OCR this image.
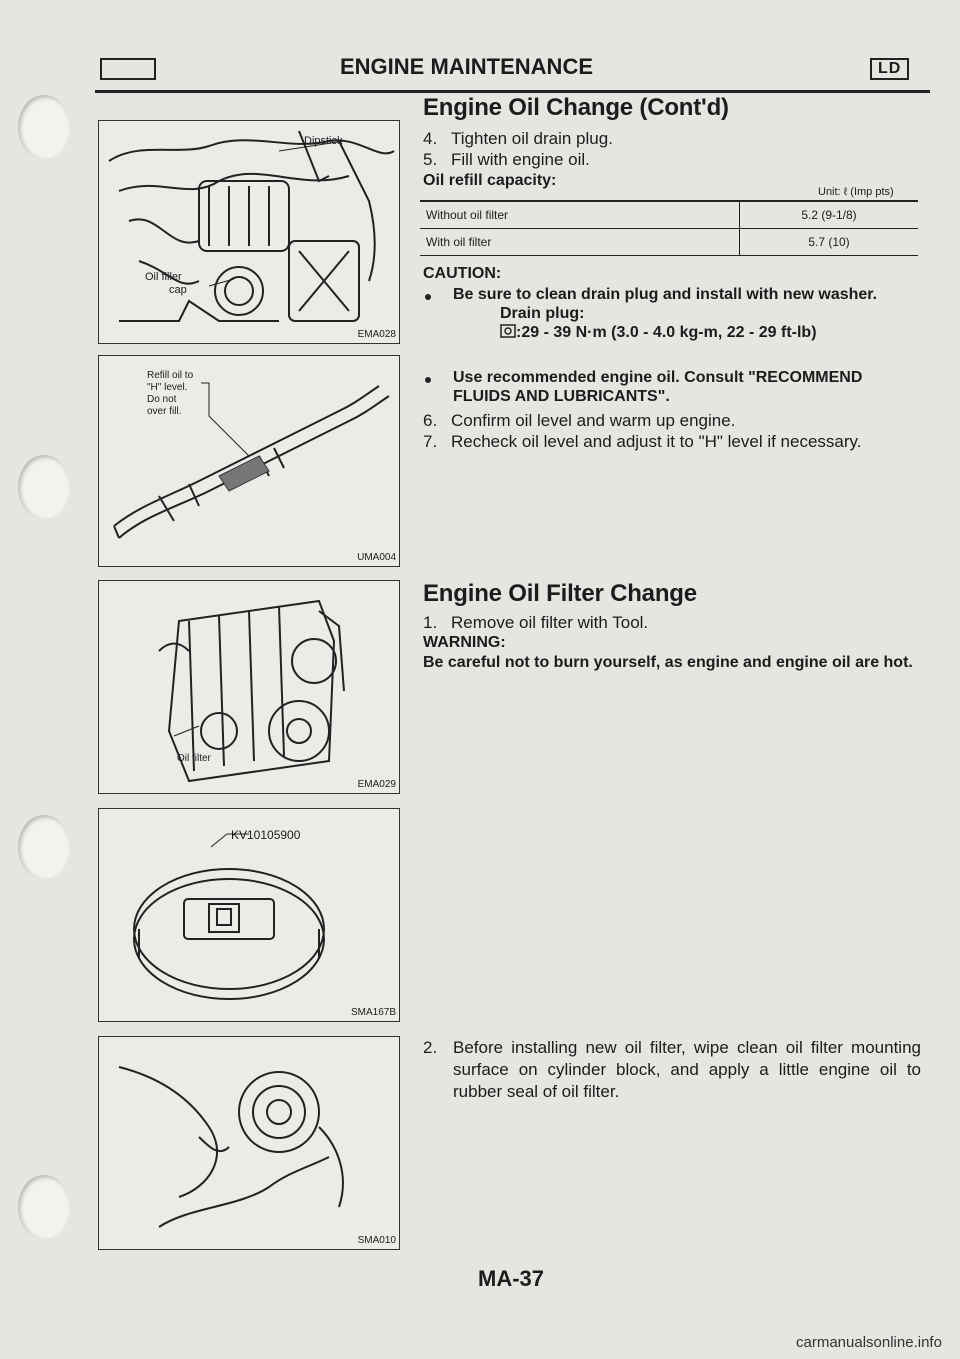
ENGINE MAINTENANCE	LD
Dipstick
Oil filler
cap
EMA028
Refill oil to
"H" level.
Do not
over fill.
UMA004
Oil filter
EMA029
KV10105900
SMA167B
SMA010
Engine Oil Change (Cont'd)
4. Tighten oil drain plug.
5. Fill with engine oil.
Oil refill capacity:
Unit: ℓ (Imp pts)
Without oil filter	5.2 (9-1/8)
With oil filter	5.7 (10)
CAUTION:
Be sure to clean drain plug and install with new washer.
Drain plug:
:29 - 39 N·m (3.0 - 4.0 kg-m, 22 - 29 ft-lb)
Use recommended engine oil. Consult "RECOMMEND
FLUIDS AND LUBRICANTS".
6. Confirm oil level and warm up engine.
7. Recheck oil level and adjust it to "H" level if necessary.
Engine Oil Filter Change
1. Remove oil filter with Tool.
WARNING:
Be careful not to burn yourself, as engine and engine oil are hot.
2. Before installing new oil filter, wipe clean oil filter mounting surface on cylinder block, and apply a little engine oil to rubber seal of oil filter.
MA-37
carmanualsonline.info
